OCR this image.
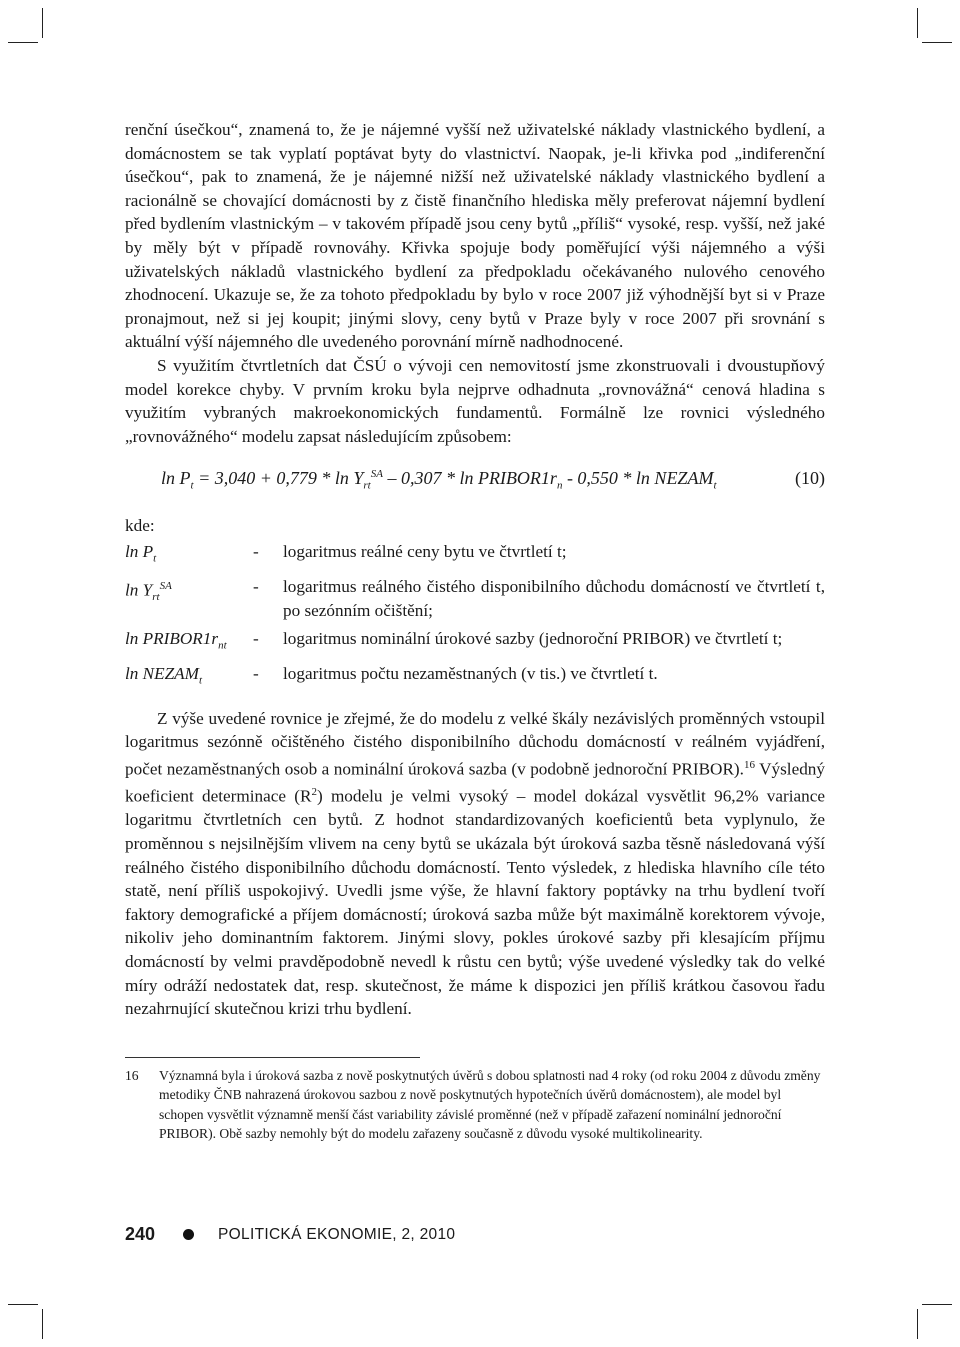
renční úsečkou“, znamená to, že je nájemné vyšší než uživatelské náklady vlastnického bydlení, a domácnostem se tak vyplatí poptávat byty do vlastnictví. Naopak, je-li křivka pod „indiferenční úsečkou“, pak to znamená, že je nájemné nižší než uživatelské náklady vlastnického bydlení a racionálně se chovající domácnosti by z čistě finančního hlediska měly preferovat nájemní bydlení před bydlením vlastnickým – v takovém případě jsou ceny bytů „příliš“ vysoké, resp. vyšší, než jaké by měly být v případě rovnováhy. Křivka spojuje body poměřující výši nájemného a výši uživatelských nákladů vlastnického bydlení za předpokladu očekávaného nulového cenového zhodnocení. Ukazuje se, že za tohoto předpokladu by bylo v roce 2007 již výhodnější byt si v Praze pronajmout, než si jej koupit; jinými slovy, ceny bytů v Praze byly v roce 2007 při srovnání s aktuální výší nájemného dle uvedeného porovnání mírně nadhodnocené.

S využitím čtvrtletních dat ČSÚ o vývoji cen nemovitostí jsme zkonstruovali i dvoustupňový model korekce chyby. V prvním kroku byla nejprve odhadnuta „rovnovážná“ cenová hladina s využitím vybraných makroekonomických fundamentů. Formálně lze rovnici výsledného „rovnovážného“ modelu zapsat následujícím způsobem:

$\ln P_t = 3,040 + 0,779 * \ln Y_{rt}^{SA} - 0,307 * \ln$ $PRIBOR1r_n - 0,550$ * $\ln NEZAM_t$	(10)
kde:
$\ln P_t$	-	logaritmus reálné ceny bytu ve čtvrtletí t;
$\ln Y_{rt}^{SA}$	-	logaritmus reálného čistého disponibilního důchodu domácností ve čtvrtletí t, po sezónním očištění;
$\ln PRIBOR1r_{nt}$	-	logaritmus nominální úrokové sazby (jednoroční PRIBOR) ve čtvrtletí t;
$\ln NEZAM_t$	-	logaritmus počtu nezaměstnaných (v tis.) ve čtvrtletí t.

Z výše uvedené rovnice je zřejmé, že do modelu z velké škály nezávislých proměnných vstoupil logaritmus sezónně očištěného čistého disponibilního důchodu domácností v reálném vyjádření, počet nezaměstnaných osob a nominální úroková sazba (v podobně jednoroční PRIBOR).$^{16}$ Výsledný koeficient determinace $(R^2)$ modelu je velmi vysoký – model dokázal vysvětlit 96,2% variance logaritmu čtvrtletních cen bytů. Z hodnot standardizovaných koeficientů beta vyplynulo, že proměnnou s nejsilnějším vlivem na ceny bytů se ukázala být úroková sazba těsně následovaná výší reálného čistého disponibilního důchodu domácností. Tento výsledek, z hlediska hlavního cíle této statě, není příliš uspokojivý. Uvedli jsme výše, že hlavní faktory poptávky na trhu bydlení tvoří faktory demografické a příjem domácností; úroková sazba může být maximálně korektorem vývoje, nikoliv jeho dominantním faktorem. Jinými slovy, pokles úrokové sazby při klesajícím příjmu domácností by velmi pravděpodobně nevedl k růstu cen bytů; výše uvedené výsledky tak do velké míry odráží nedostatek dat, resp. skutečnost, že máme k dispozici jen příliš krátkou časovou řadu nezahrnující skutečnou krizi trhu bydlení.

16	Významná byla i úroková sazba z nově poskytnutých úvěrů s dobou splatnosti nad 4 roky (od roku 2004 z důvodu změny metodiky ČNB nahrazená úrokovou sazbou z nově poskytnutých hypotečních úvěrů domácnostem), ale model byl schopen vysvětlit významně menší část variability závislé proměnné (než v případě zařazení nominální jednoroční PRIBOR). Obě sazby nemohly být do modelu zařazeny současně z důvodu vysoké multikolinearity.
240	POLITICKÁ EKONOMIE, 2, 2010
